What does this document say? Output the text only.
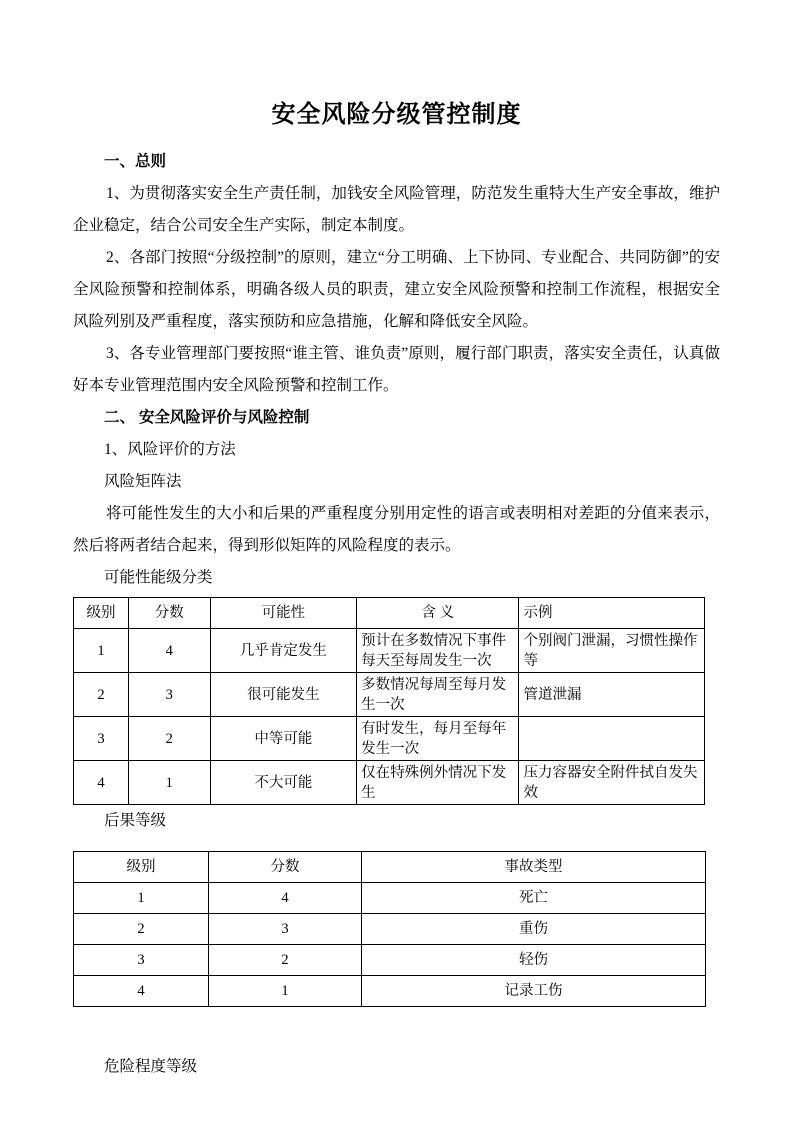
安全风险分级管控制度

一、总则

1、为贯彻落实安全生产责任制，加钱安全风险管理，防范发生重特大生产安全事故，维护企业稳定，结合公司安全生产实际，制定本制度。

2、各部门按照“分级控制”的原则，建立“分工明确、上下协同、专业配合、共同防御”的安全风险预警和控制体系，明确各级人员的职责，建立安全风险预警和控制工作流程，根据安全风险列别及严重程度，落实预防和应急措施，化解和降低安全风险。

3、各专业管理部门要按照“谁主管、谁负责”原则，履行部门职责，落实安全责任，认真做好本专业管理范围内安全风险预警和控制工作。

二、 安全风险评价与风险控制

1、风险评价的方法

风险矩阵法

将可能性发生的大小和后果的严重程度分别用定性的语言或表明相对差距的分值来表示，然后将两者结合起来，得到形似矩阵的风险程度的表示。

可能性能级分类

级别	分数	可能性	含 义	示例
1	4	几乎肯定发生	预计在多数情况下事件每天至每周发生一次	个别阀门泄漏，习惯性操作等
2	3	很可能发生	多数情况每周至每月发生一次	管道泄漏
3	2	中等可能	有时发生，每月至每年发生一次	
4	1	不大可能	仅在特殊例外情况下发生	压力容器安全附件拭自发失效

后果等级

级别	分数	事故类型
1	4	死亡
2	3	重伤
3	2	轻伤
4	1	记录工伤

危险程度等级
